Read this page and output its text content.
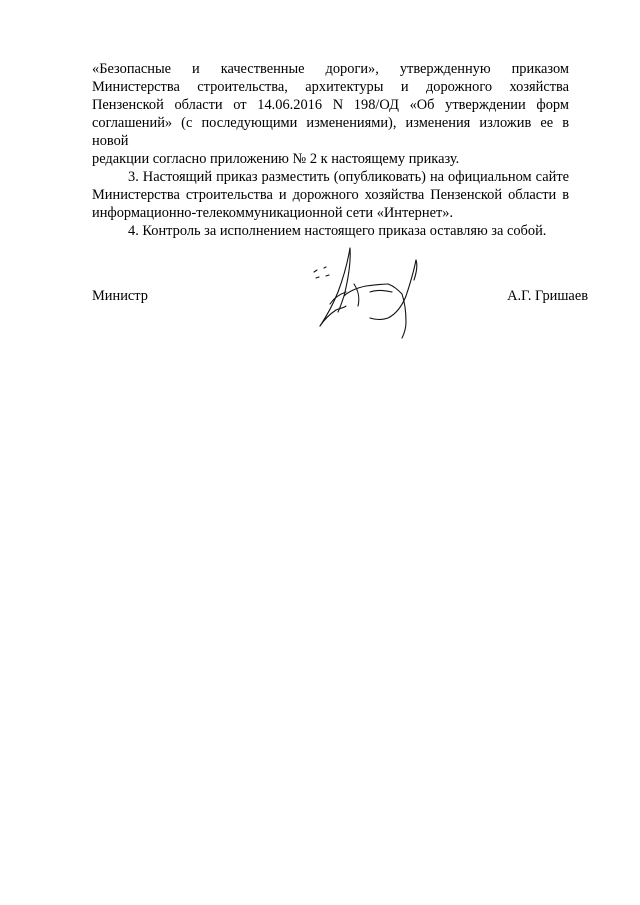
«Безопасные и качественные дороги», утвержденную приказом
Министерства строительства, архитектуры и дорожного хозяйства
Пензенской области от 14.06.2016 N 198/ОД «Об утверждении форм
соглашений» (с последующими изменениями), изменения изложив ее в новой
редакции согласно приложению № 2 к настоящему приказу.

3. Настоящий приказ разместить (опубликовать) на официальном сайте
Министерства строительства и дорожного хозяйства Пензенской области в
информационно-телекоммуникационной сети «Интернет».

4. Контроль за исполнением настоящего приказа оставляю за собой.

Министр	А.Г. Гришаев
